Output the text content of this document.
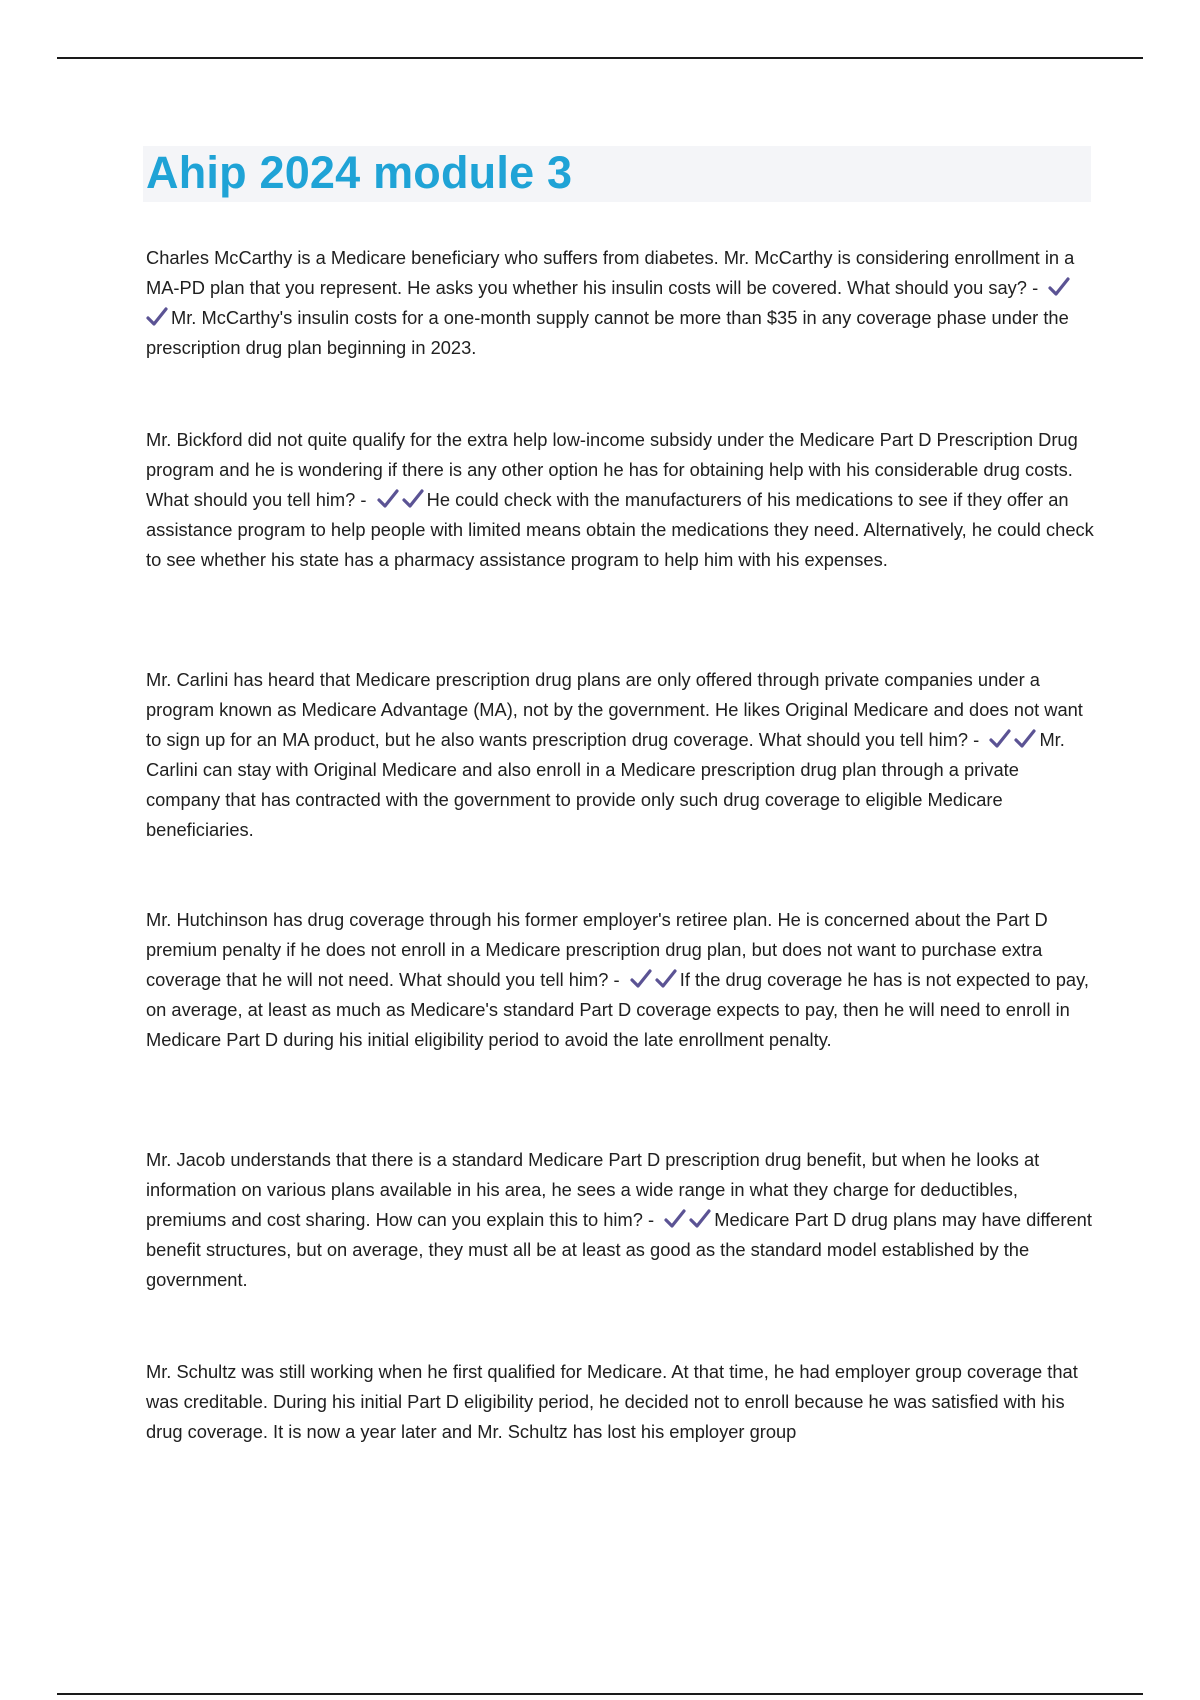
Ahip 2024 module 3

Charles McCarthy is a Medicare beneficiary who suffers from diabetes. Mr. McCarthy is considering enrollment in a MA-PD plan that you represent. He asks you whether his insulin costs will be covered. What should you say? -
Mr. McCarthy's insulin costs for a one-month supply cannot be more than $35 in any coverage phase under the prescription drug plan beginning in 2023.

Mr. Bickford did not quite qualify for the extra help low-income subsidy under the Medicare Part D Prescription Drug program and he is wondering if there is any other option he has for obtaining help with his considerable drug costs. What should you tell him? -	He could check with the manufacturers of his medications to see if they offer an assistance program to help people with limited means obtain the medications they need. Alternatively, he could check to see whether his state has a pharmacy assistance program to help him with his expenses.

Mr. Carlini has heard that Medicare prescription drug plans are only offered through private companies under a program known as Medicare Advantage (MA), not by the government. He likes Original Medicare and does not want to sign up for an MA product, but he also wants prescription drug coverage. What should you tell him? -	Mr. Carlini can stay with Original Medicare and also enroll in a Medicare prescription drug plan through a private company that has contracted with the government to provide only such drug coverage to eligible Medicare beneficiaries.

Mr. Hutchinson has drug coverage through his former employer's retiree plan. He is concerned about the Part D premium penalty if he does not enroll in a Medicare prescription drug plan, but does not want to purchase extra coverage that he will not need. What should you tell him? -	If the drug coverage he has is not expected to pay, on average, at least as much as Medicare's standard Part D coverage expects to pay, then he will need to enroll in Medicare Part D during his initial eligibility period to avoid the late enrollment penalty.

Mr. Jacob understands that there is a standard Medicare Part D prescription drug benefit, but when he looks at information on various plans available in his area, he sees a wide range in what they charge for deductibles, premiums and cost sharing. How can you explain this to him? -	Medicare Part D drug plans may have different benefit structures, but on average, they must all be at least as good as the standard model established by the government.

Mr. Schultz was still working when he first qualified for Medicare. At that time, he had employer group coverage that was creditable. During his initial Part D eligibility period, he decided not to enroll because he was satisfied with his drug coverage. It is now a year later and Mr. Schultz has lost his employer group
